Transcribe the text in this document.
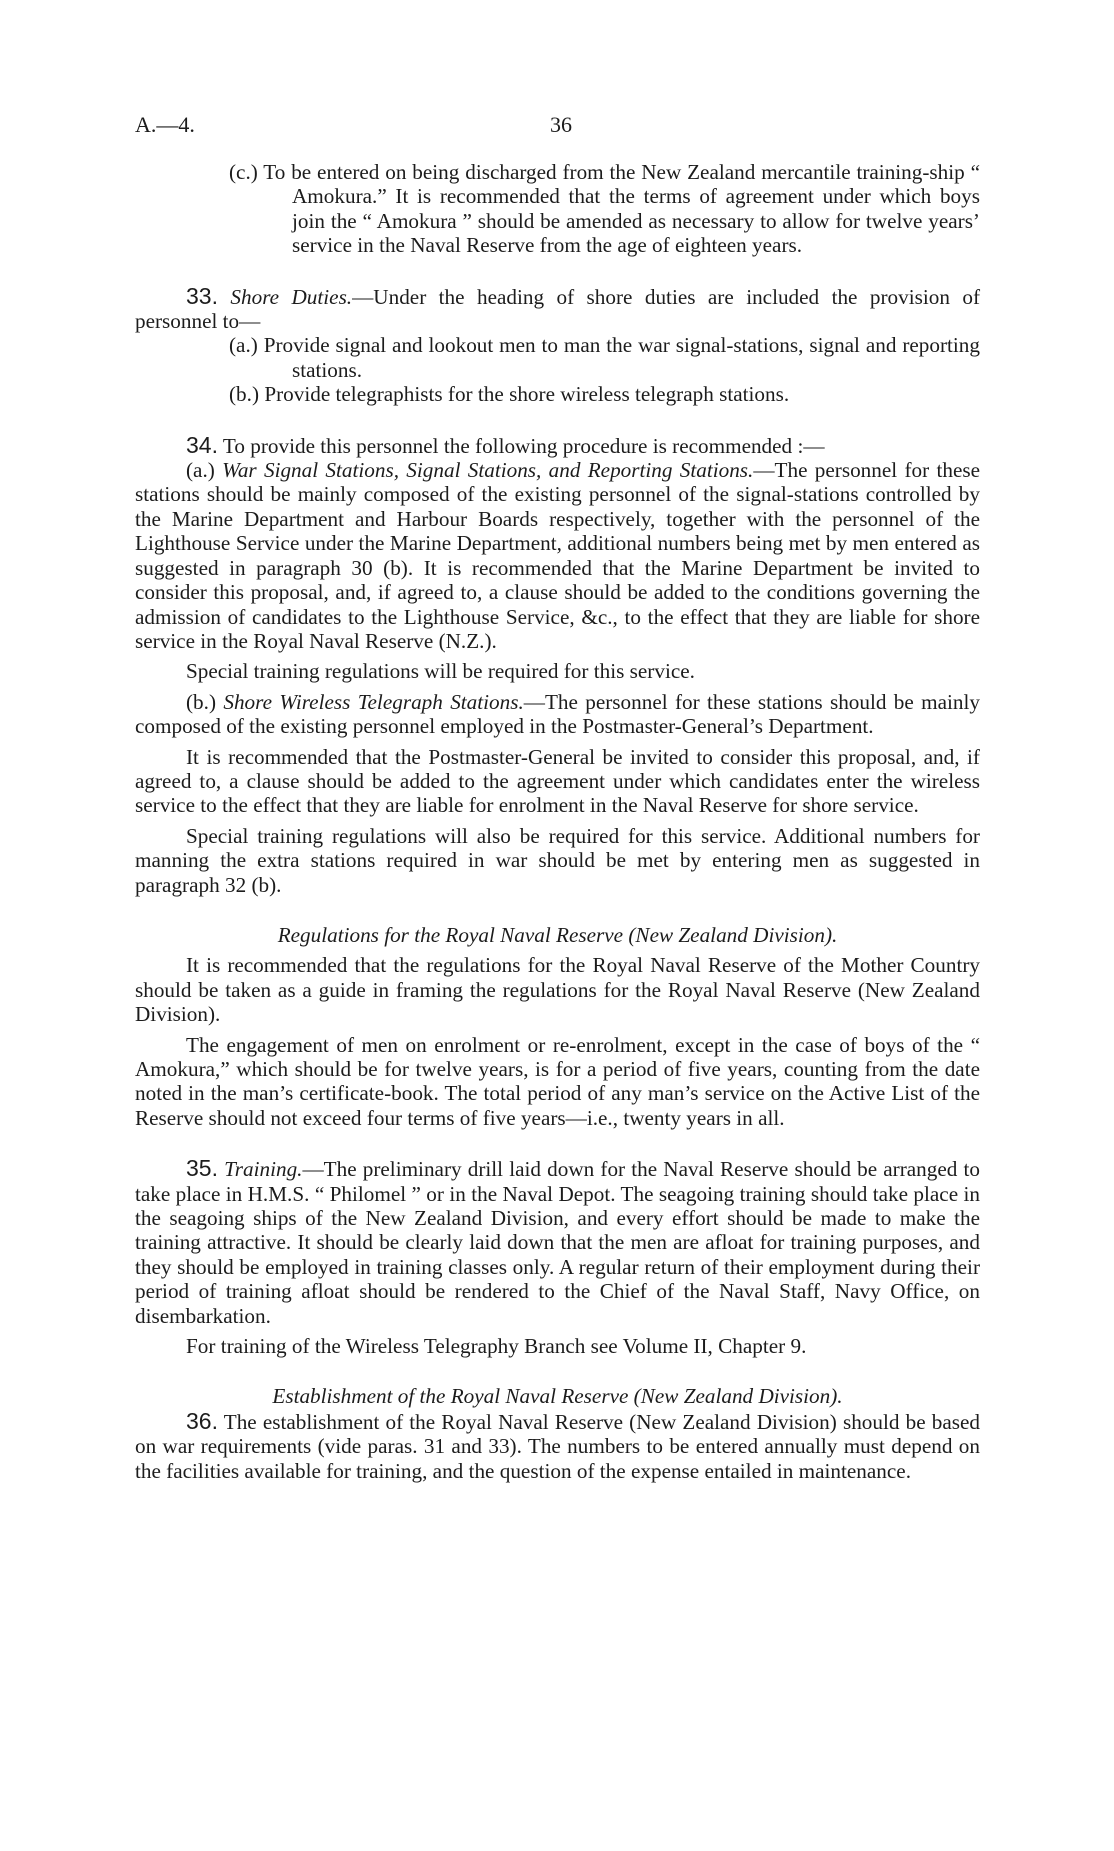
A.—4.	36

(c.) To be entered on being discharged from the New Zealand mercantile training-ship “ Amokura.” It is recommended that the terms of agreement under which boys join the “ Amokura ” should be amended as necessary to allow for twelve years’ service in the Naval Reserve from the age of eighteen years.

33. Shore Duties.—Under the heading of shore duties are included the provision of personnel to—

(a.) Provide signal and lookout men to man the war signal-stations, signal and reporting stations.

(b.) Provide telegraphists for the shore wireless telegraph stations.

34. To provide this personnel the following procedure is recommended :—

(a.) War Signal Stations, Signal Stations, and Reporting Stations.—The personnel for these stations should be mainly composed of the existing personnel of the signal-stations controlled by the Marine Department and Harbour Boards respectively, together with the personnel of the Lighthouse Service under the Marine Department, additional numbers being met by men entered as suggested in paragraph 30 (b). It is recommended that the Marine Department be invited to consider this proposal, and, if agreed to, a clause should be added to the conditions governing the admission of candidates to the Lighthouse Service, &c., to the effect that they are liable for shore service in the Royal Naval Reserve (N.Z.).

Special training regulations will be required for this service.

(b.) Shore Wireless Telegraph Stations.—The personnel for these stations should be mainly composed of the existing personnel employed in the Postmaster-General’s Department.

It is recommended that the Postmaster-General be invited to consider this proposal, and, if agreed to, a clause should be added to the agreement under which candidates enter the wireless service to the effect that they are liable for enrolment in the Naval Reserve for shore service.

Special training regulations will also be required for this service. Additional numbers for manning the extra stations required in war should be met by entering men as suggested in paragraph 32 (b).

Regulations for the Royal Naval Reserve (New Zealand Division).

It is recommended that the regulations for the Royal Naval Reserve of the Mother Country should be taken as a guide in framing the regulations for the Royal Naval Reserve (New Zealand Division).

The engagement of men on enrolment or re-enrolment, except in the case of boys of the “ Amokura,” which should be for twelve years, is for a period of five years, counting from the date noted in the man’s certificate-book. The total period of any man’s service on the Active List of the Reserve should not exceed four terms of five years—i.e., twenty years in all.

35. Training.—The preliminary drill laid down for the Naval Reserve should be arranged to take place in H.M.S. “ Philomel ” or in the Naval Depot. The seagoing training should take place in the seagoing ships of the New Zealand Division, and every effort should be made to make the training attractive. It should be clearly laid down that the men are afloat for training purposes, and they should be employed in training classes only. A regular return of their employment during their period of training afloat should be rendered to the Chief of the Naval Staff, Navy Office, on disembarkation.

For training of the Wireless Telegraphy Branch see Volume II, Chapter 9.

Establishment of the Royal Naval Reserve (New Zealand Division).

36. The establishment of the Royal Naval Reserve (New Zealand Division) should be based on war requirements (vide paras. 31 and 33). The numbers to be entered annually must depend on the facilities available for training, and the question of the expense entailed in maintenance.
